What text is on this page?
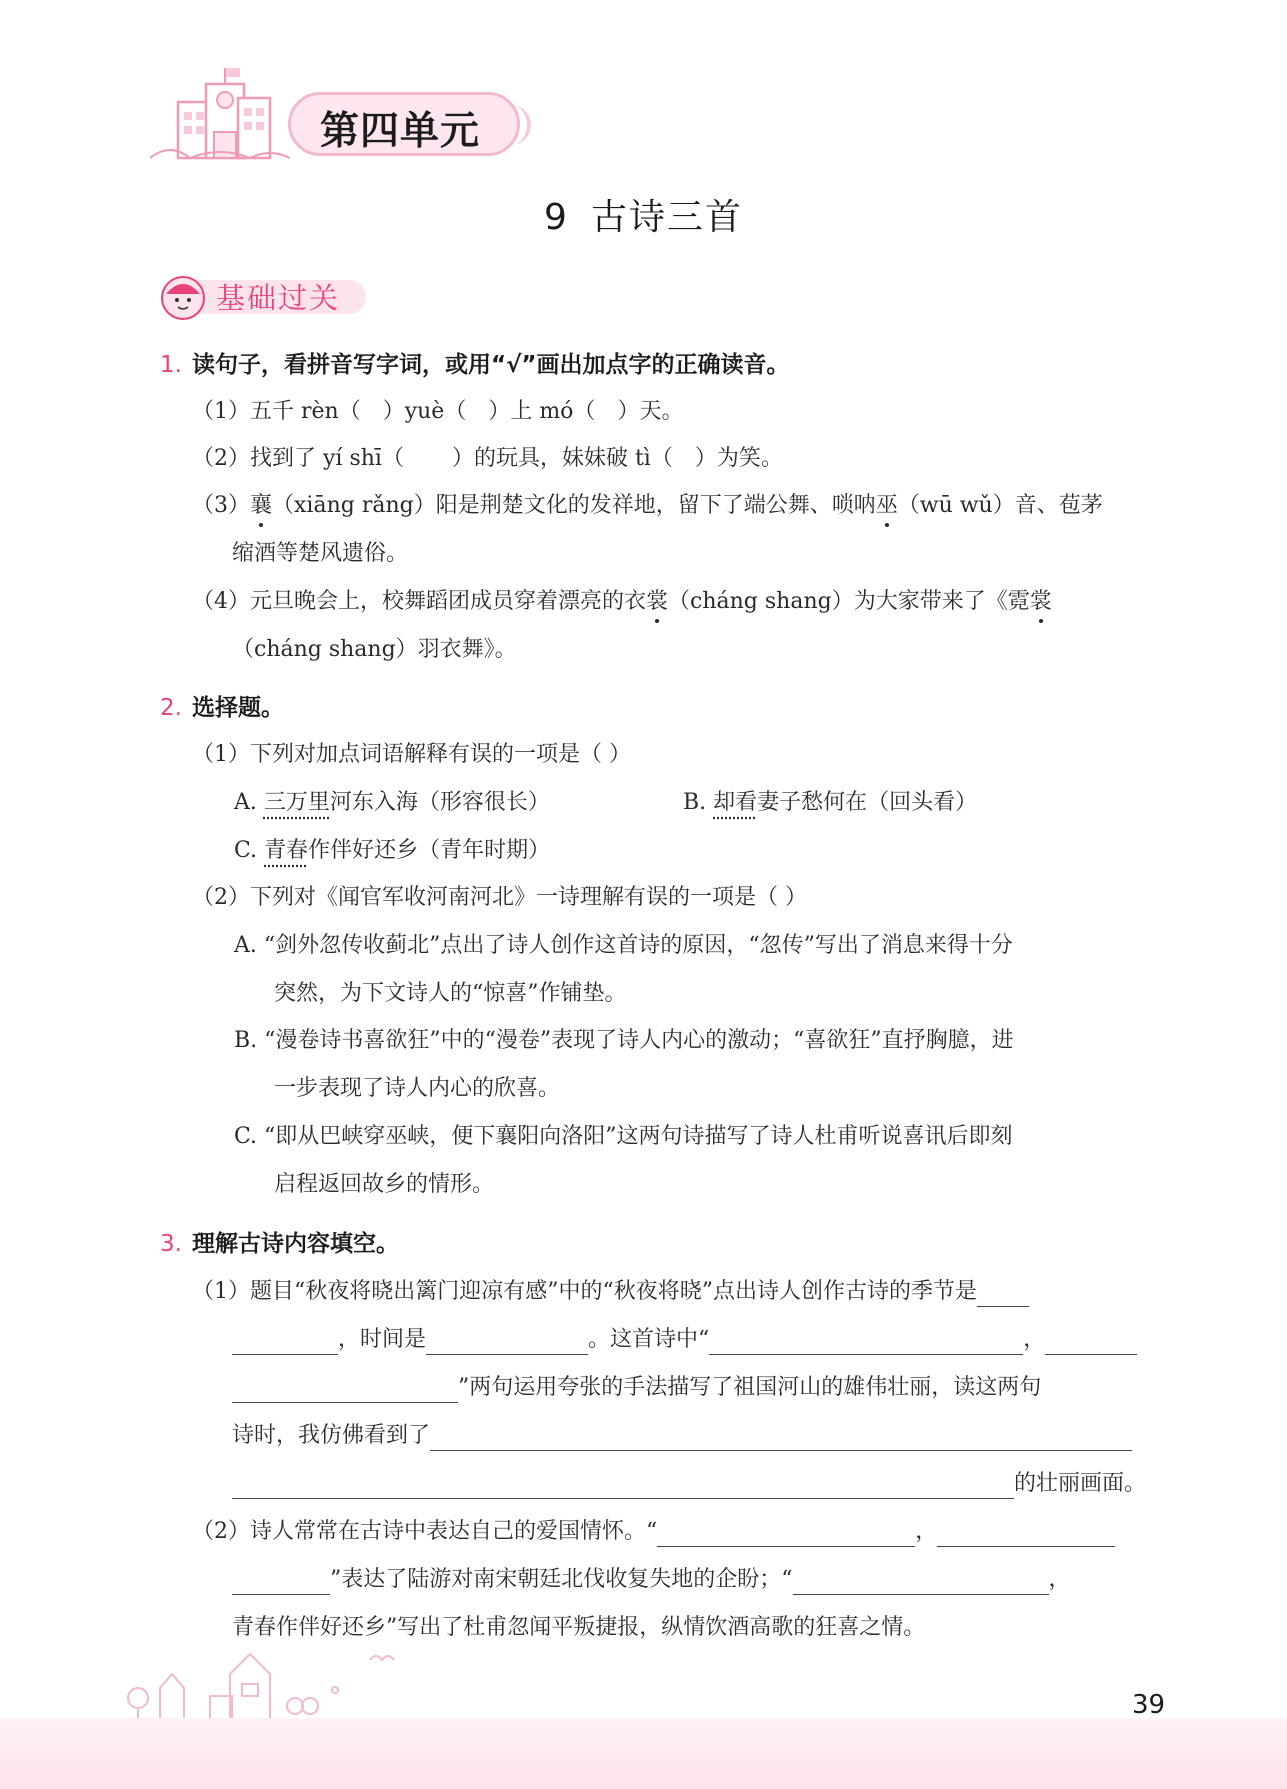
第四单元
9 古诗三首
基础过关
1. 读句子，看拼音写字词，或用“√”画出加点字的正确读音。
（1）五千 rèn（ ）yuè（ ）上 mó（ ）天。
（2）找到了 yí shī（ ）的玩具，妹妹破 tì（ ）为笑。
（3）襄（xiāng rǎng）阳是荆楚文化的发祥地，留下了端公舞、唢呐巫（wū wǔ）音、苞茅
缩酒等楚风遗俗。
（4）元旦晚会上，校舞蹈团成员穿着漂亮的衣裳（cháng shang）为大家带来了《霓裳
（cháng shang）羽衣舞》。
2. 选择题。
（1）下列对加点词语解释有误的一项是（ ）
A. 三万里河东入海（形容很长）	B. 却看妻子愁何在（回头看）
C. 青春作伴好还乡（青年时期）
（2）下列对《闻官军收河南河北》一诗理解有误的一项是（ ）
A. “剑外忽传收蓟北”点出了诗人创作这首诗的原因，“忽传”写出了消息来得十分
突然，为下文诗人的“惊喜”作铺垫。
B. “漫卷诗书喜欲狂”中的“漫卷”表现了诗人内心的激动；“喜欲狂”直抒胸臆，进
一步表现了诗人内心的欣喜。
C. “即从巴峡穿巫峡，便下襄阳向洛阳”这两句诗描写了诗人杜甫听说喜讯后即刻
启程返回故乡的情形。
3. 理解古诗内容填空。
（1）题目“秋夜将晓出篱门迎凉有感”中的“秋夜将晓”点出诗人创作古诗的季节是
，时间是	。这首诗中“	，
”两句运用夸张的手法描写了祖国河山的雄伟壮丽，读这两句
诗时，我仿佛看到了
的壮丽画面。
（2）诗人常常在古诗中表达自己的爱国情怀。“	，
”表达了陆游对南宋朝廷北伐收复失地的企盼；“	，
青春作伴好还乡”写出了杜甫忽闻平叛捷报，纵情饮酒高歌的狂喜之情。
39
